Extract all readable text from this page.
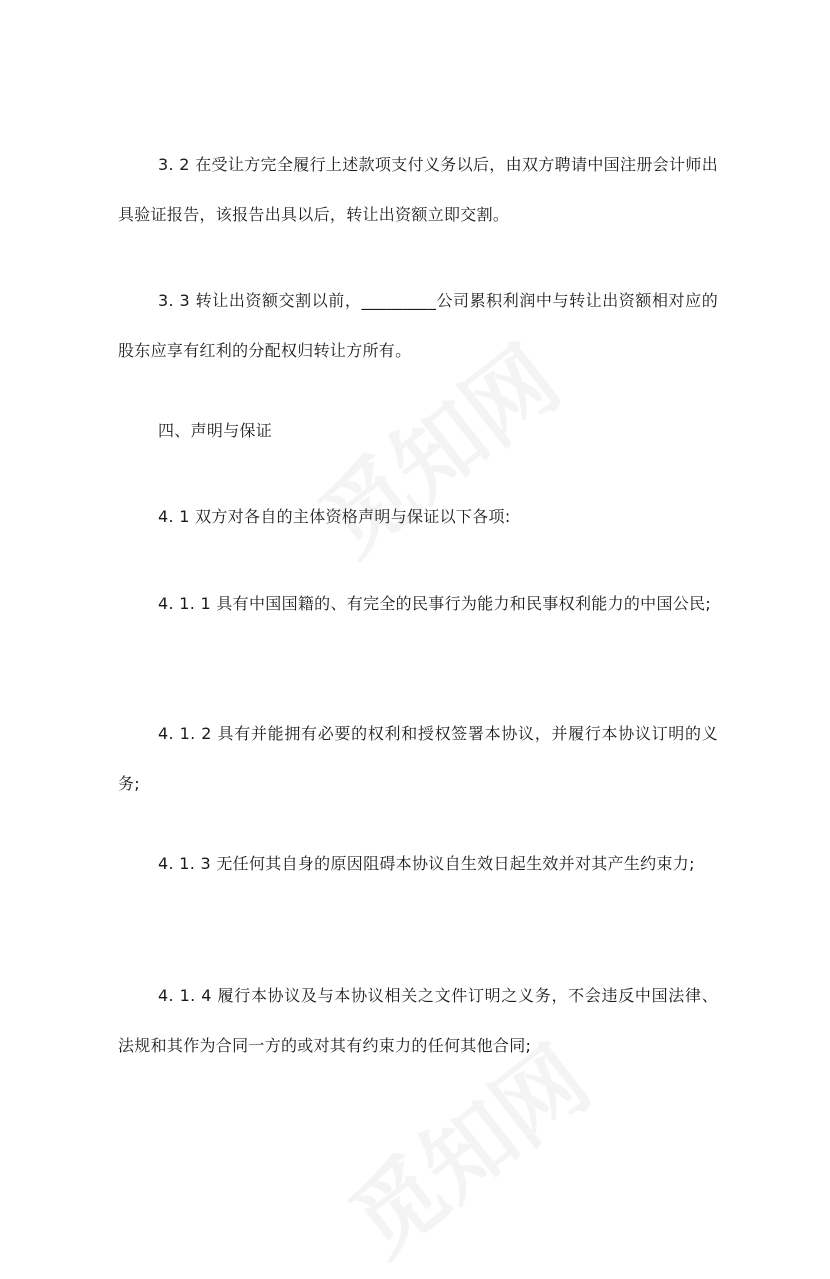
3. 2 在受让方完全履行上述款项支付义务以后，由双方聘请中国注册会计师出具验证报告，该报告出具以后，转让出资额立即交割。

3. 3 转让出资额交割以前，_________公司累积利润中与转让出资额相对应的股东应享有红利的分配权归转让方所有。

四、声明与保证

4. 1 双方对各自的主体资格声明与保证以下各项:

4. 1. 1 具有中国国籍的、有完全的民事行为能力和民事权利能力的中国公民;

4. 1. 2 具有并能拥有必要的权利和授权签署本协议，并履行本协议订明的义务;

4. 1. 3 无任何其自身的原因阻碍本协议自生效日起生效并对其产生约束力;

4. 1. 4 履行本协议及与本协议相关之文件订明之义务，不会违反中国法律、法规和其作为合同一方的或对其有约束力的任何其他合同;
